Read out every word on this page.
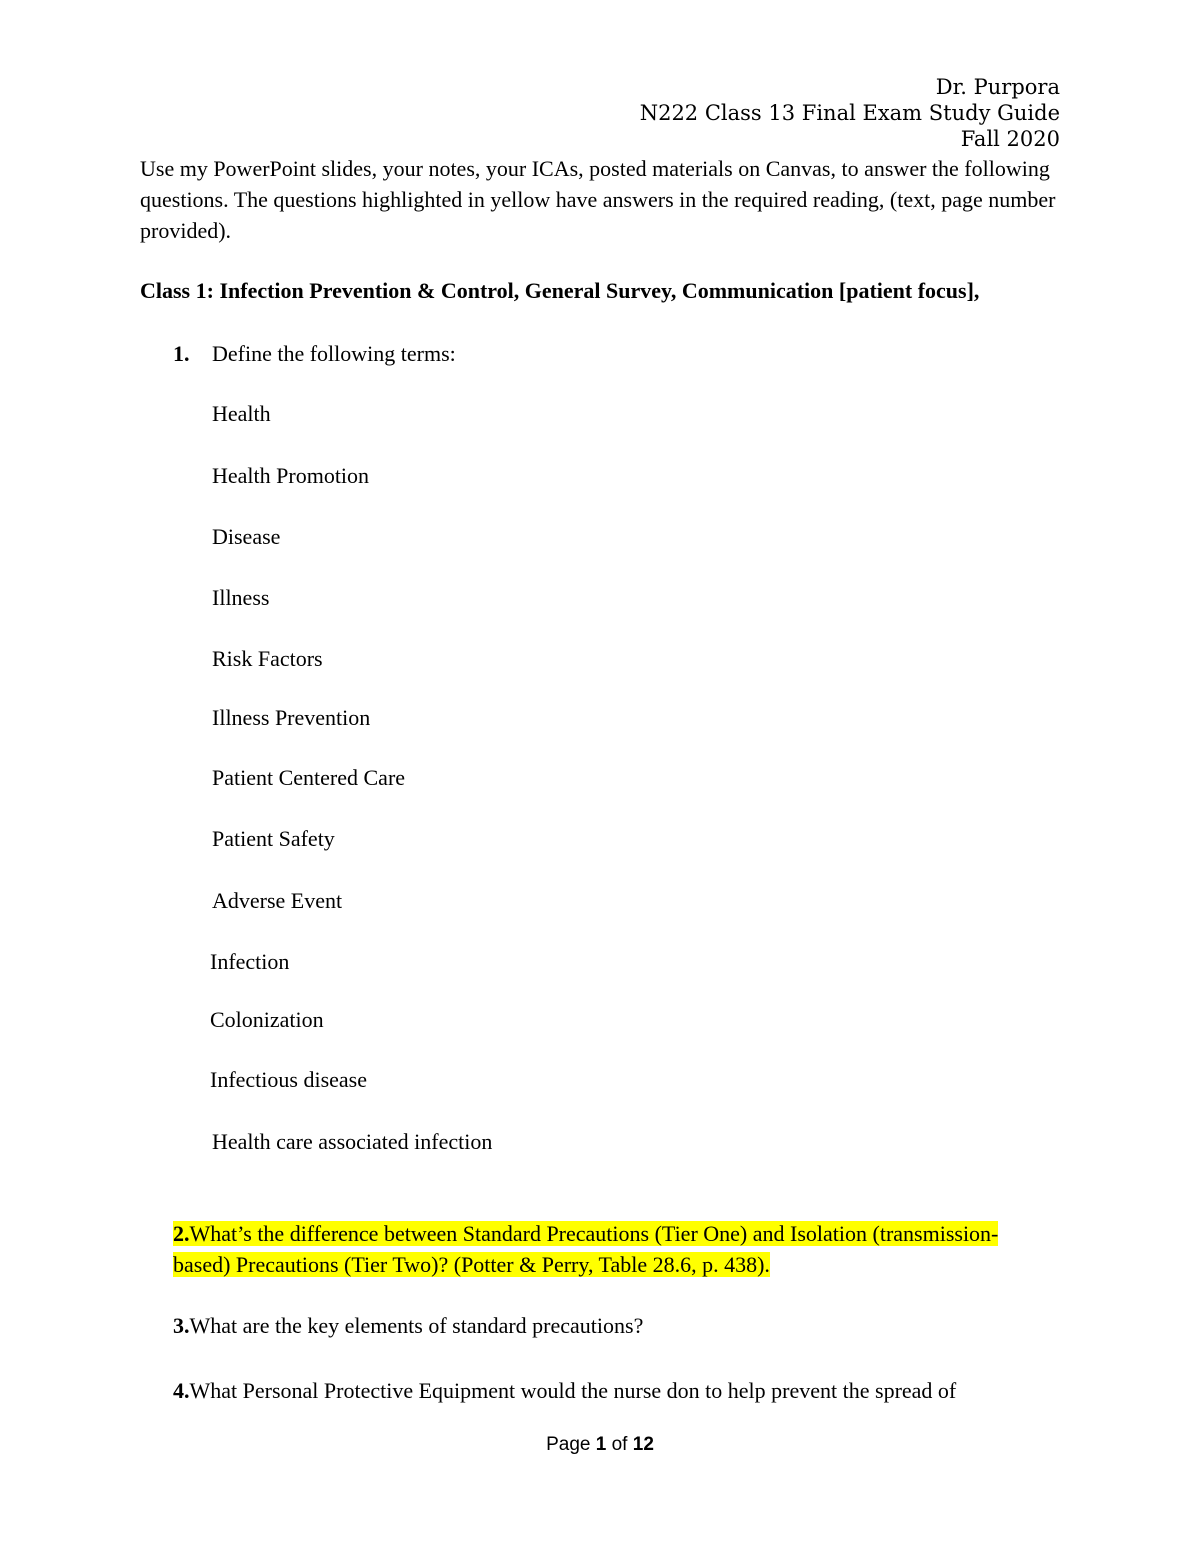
Dr. Purpora
N222 Class 13 Final Exam Study Guide
Fall 2020

Use my PowerPoint slides, your notes, your ICAs, posted materials on Canvas, to answer the following questions. The questions highlighted in yellow have answers in the required reading, (text, page number provided).

Class 1: Infection Prevention & Control, General Survey, Communication [patient focus],

1. Define the following terms:
Health
Health Promotion
Disease
Illness
Risk Factors
Illness Prevention
Patient Centered Care
Patient Safety
Adverse Event
Infection
Colonization
Infectious disease
Health care associated infection
2.What’s the difference between Standard Precautions (Tier One) and Isolation (transmission-
based) Precautions (Tier Two)? (Potter & Perry, Table 28.6, p. 438).
3.What are the key elements of standard precautions?
4.What Personal Protective Equipment would the nurse don to help prevent the spread of
Page 1 of 12
